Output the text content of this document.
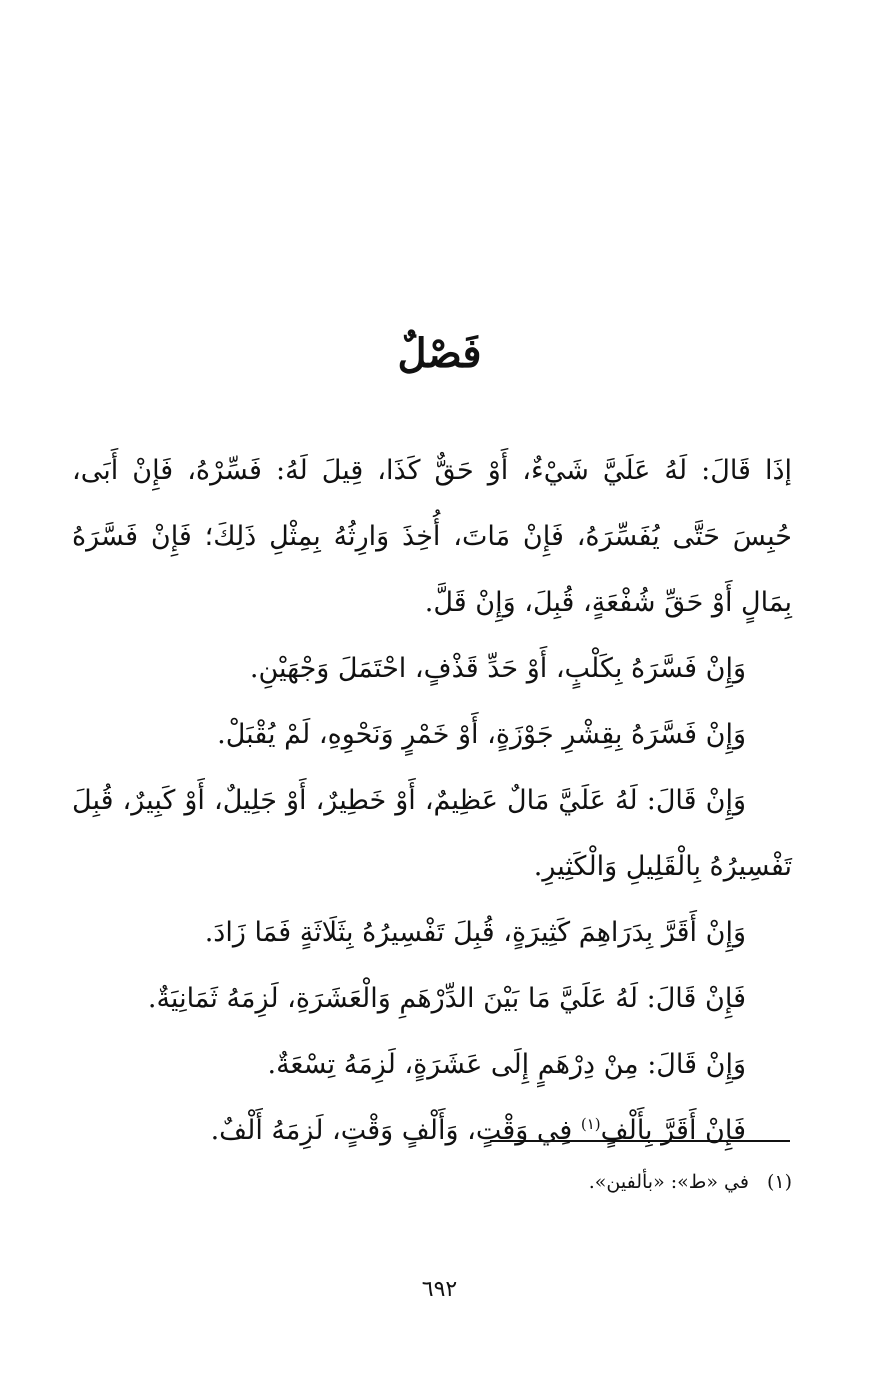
فَصْلٌ

إذَا قَالَ: لَهُ عَلَيَّ شَيْءٌ، أَوْ حَقٌّ كَذَا، قِيلَ لَهُ: فَسِّرْهُ، فَإِنْ أَبَى، حُبِسَ حَتَّى يُفَسِّرَهُ، فَإِنْ مَاتَ، أُخِذَ وَارِثُهُ بِمِثْلِ ذَلِكَ؛ فَإِنْ فَسَّرَهُ بِمَالٍ أَوْ حَقِّ شُفْعَةٍ، قُبِلَ، وَإِنْ قَلَّ.

وَإِنْ فَسَّرَهُ بِكَلْبٍ، أَوْ حَدِّ قَذْفٍ، احْتَمَلَ وَجْهَيْنِ.

وَإِنْ فَسَّرَهُ بِقِشْرِ جَوْزَةٍ، أَوْ خَمْرٍ وَنَحْوِهِ، لَمْ يُقْبَلْ.

وَإِنْ قَالَ: لَهُ عَلَيَّ مَالٌ عَظِيمٌ، أَوْ خَطِيرٌ، أَوْ جَلِيلٌ، أَوْ كَبِيرٌ، قُبِلَ تَفْسِيرُهُ بِالْقَلِيلِ وَالْكَثِيرِ.

وَإِنْ أَقَرَّ بِدَرَاهِمَ كَثِيرَةٍ، قُبِلَ تَفْسِيرُهُ بِثَلَاثَةٍ فَمَا زَادَ.

فَإِنْ قَالَ: لَهُ عَلَيَّ مَا بَيْنَ الدِّرْهَمِ وَالْعَشَرَةِ، لَزِمَهُ ثَمَانِيَةٌ.

وَإِنْ قَالَ: مِنْ دِرْهَمٍ إِلَى عَشَرَةٍ، لَزِمَهُ تِسْعَةٌ.

فَإِنْ أَقَرَّ بِأَلْفٍ$^{(١)}$ فِي وَقْتٍ، وَأَلْفٍ وَقْتٍ، لَزِمَهُ أَلْفٌ.

(١)في «ط»: «بألفين».

٦٩٢
